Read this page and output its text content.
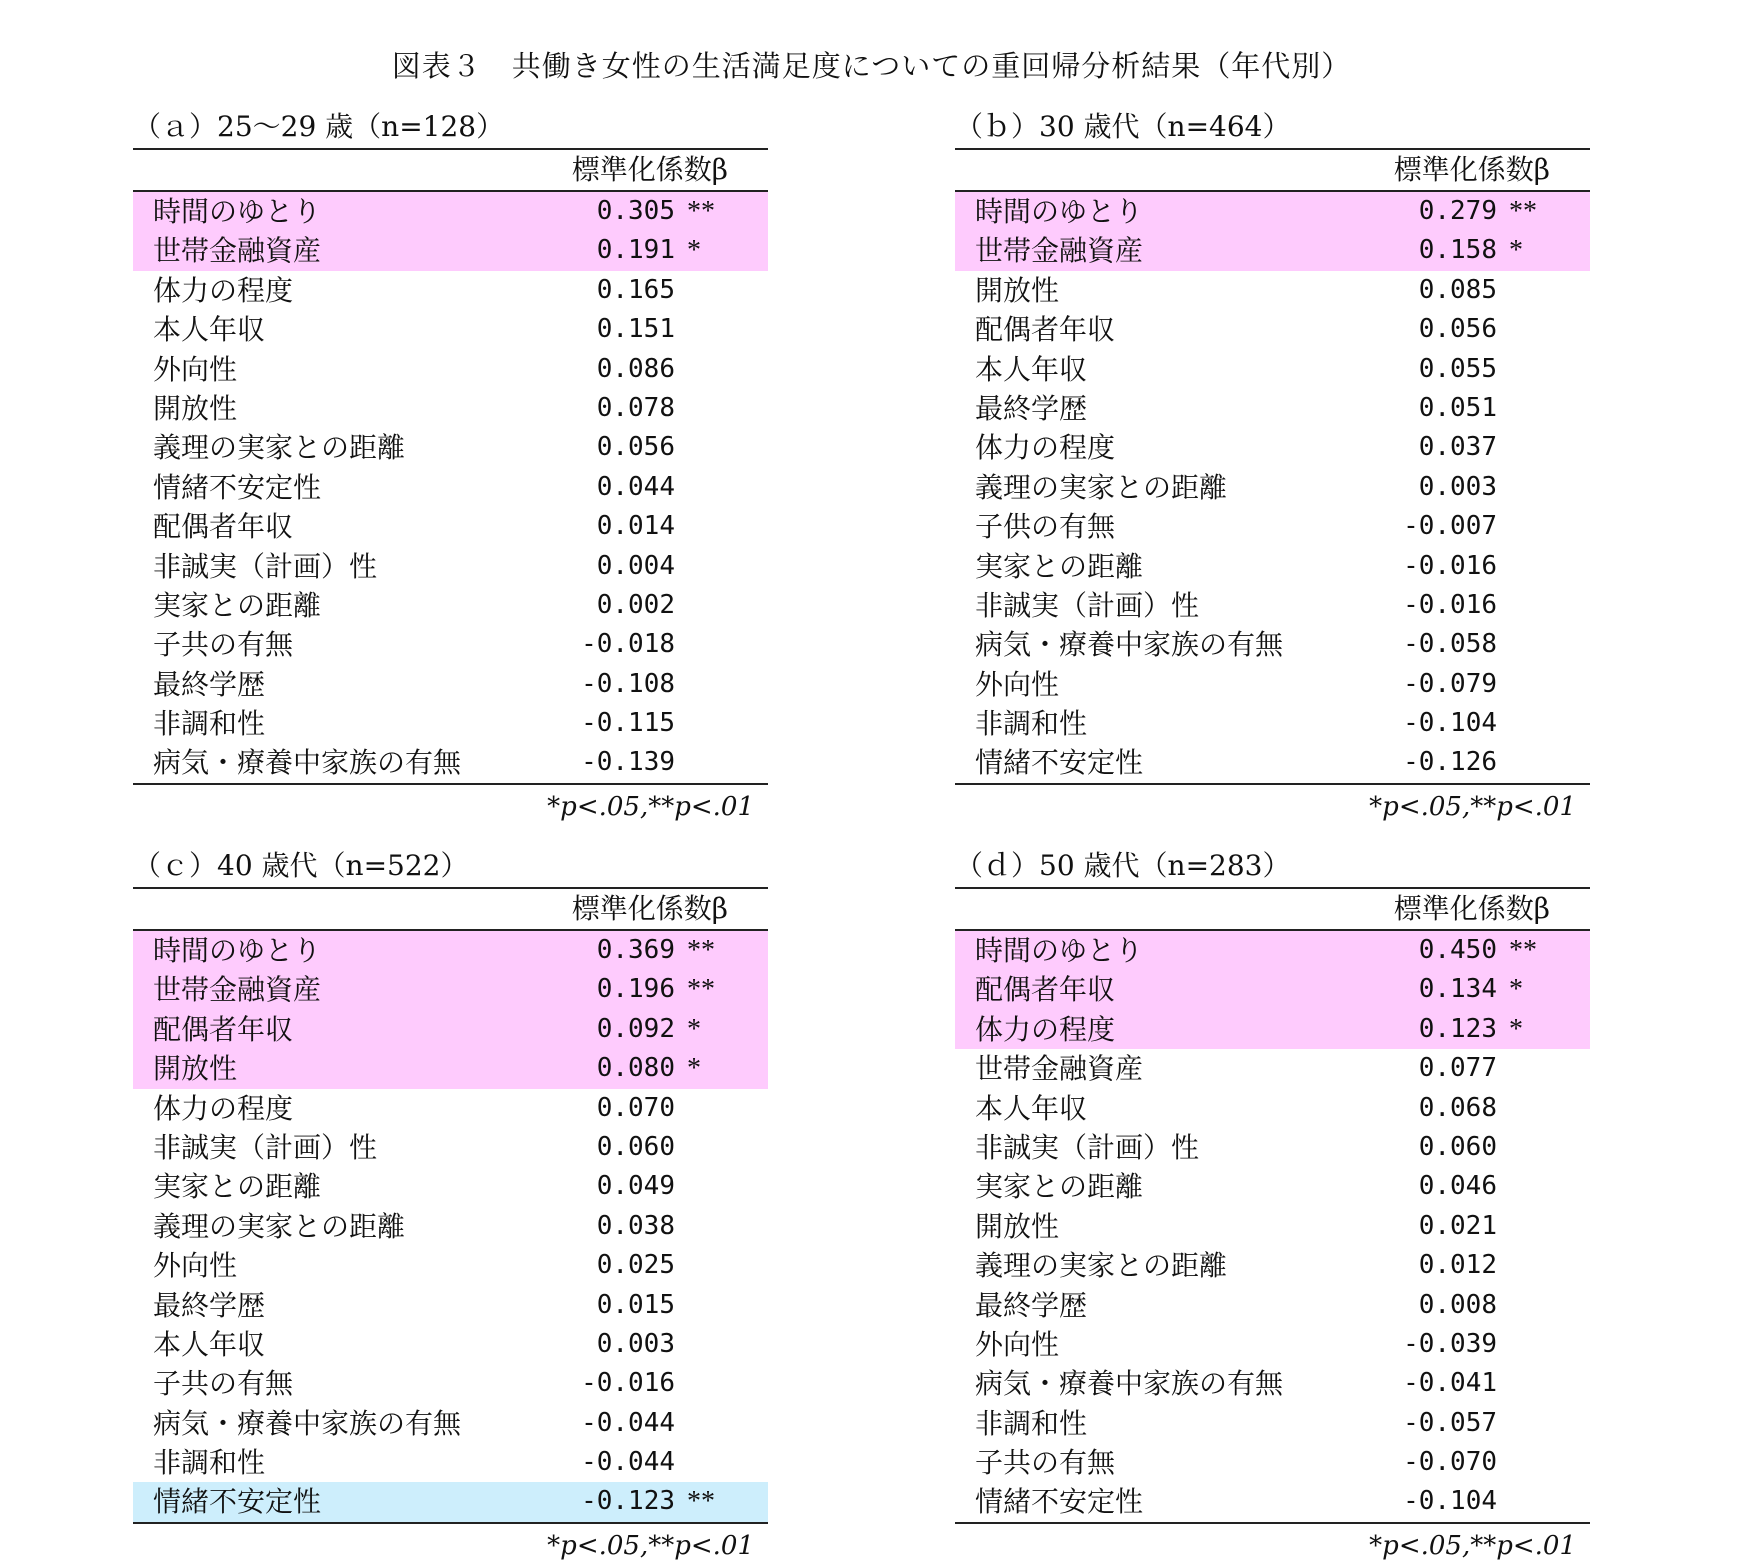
図表３　共働き女性の生活満足度についての重回帰分析結果（年代別）
（ａ）25～29 歳（n=128）
標準化係数β
時間のゆとり	0.305 **
世帯金融資産	0.191 *
体力の程度	0.165
本人年収	0.151
外向性	0.086
開放性	0.078
義理の実家との距離	0.056
情緒不安定性	0.044
配偶者年収	0.014
非誠実（計画）性	0.004
実家との距離	0.002
子共の有無	-0.018
最終学歴	-0.108
非調和性	-0.115
病気・療養中家族の有無	-0.139
*p<.05,**p<.01
（ｂ）30 歳代（n=464）
標準化係数β
時間のゆとり	0.279 **
世帯金融資産	0.158 *
開放性	0.085
配偶者年収	0.056
本人年収	0.055
最終学歴	0.051
体力の程度	0.037
義理の実家との距離	0.003
子供の有無	-0.007
実家との距離	-0.016
非誠実（計画）性	-0.016
病気・療養中家族の有無	-0.058
外向性	-0.079
非調和性	-0.104
情緒不安定性	-0.126
*p<.05,**p<.01
（ｃ）40 歳代（n=522）
標準化係数β
時間のゆとり	0.369 **
世帯金融資産	0.196 **
配偶者年収	0.092 *
開放性	0.080 *
体力の程度	0.070
非誠実（計画）性	0.060
実家との距離	0.049
義理の実家との距離	0.038
外向性	0.025
最終学歴	0.015
本人年収	0.003
子共の有無	-0.016
病気・療養中家族の有無	-0.044
非調和性	-0.044
情緒不安定性	-0.123 **
*p<.05,**p<.01
（ｄ）50 歳代（n=283）
標準化係数β
時間のゆとり	0.450 **
配偶者年収	0.134 *
体力の程度	0.123 *
世帯金融資産	0.077
本人年収	0.068
非誠実（計画）性	0.060
実家との距離	0.046
開放性	0.021
義理の実家との距離	0.012
最終学歴	0.008
外向性	-0.039
病気・療養中家族の有無	-0.041
非調和性	-0.057
子共の有無	-0.070
情緒不安定性	-0.104
*p<.05,**p<.01
